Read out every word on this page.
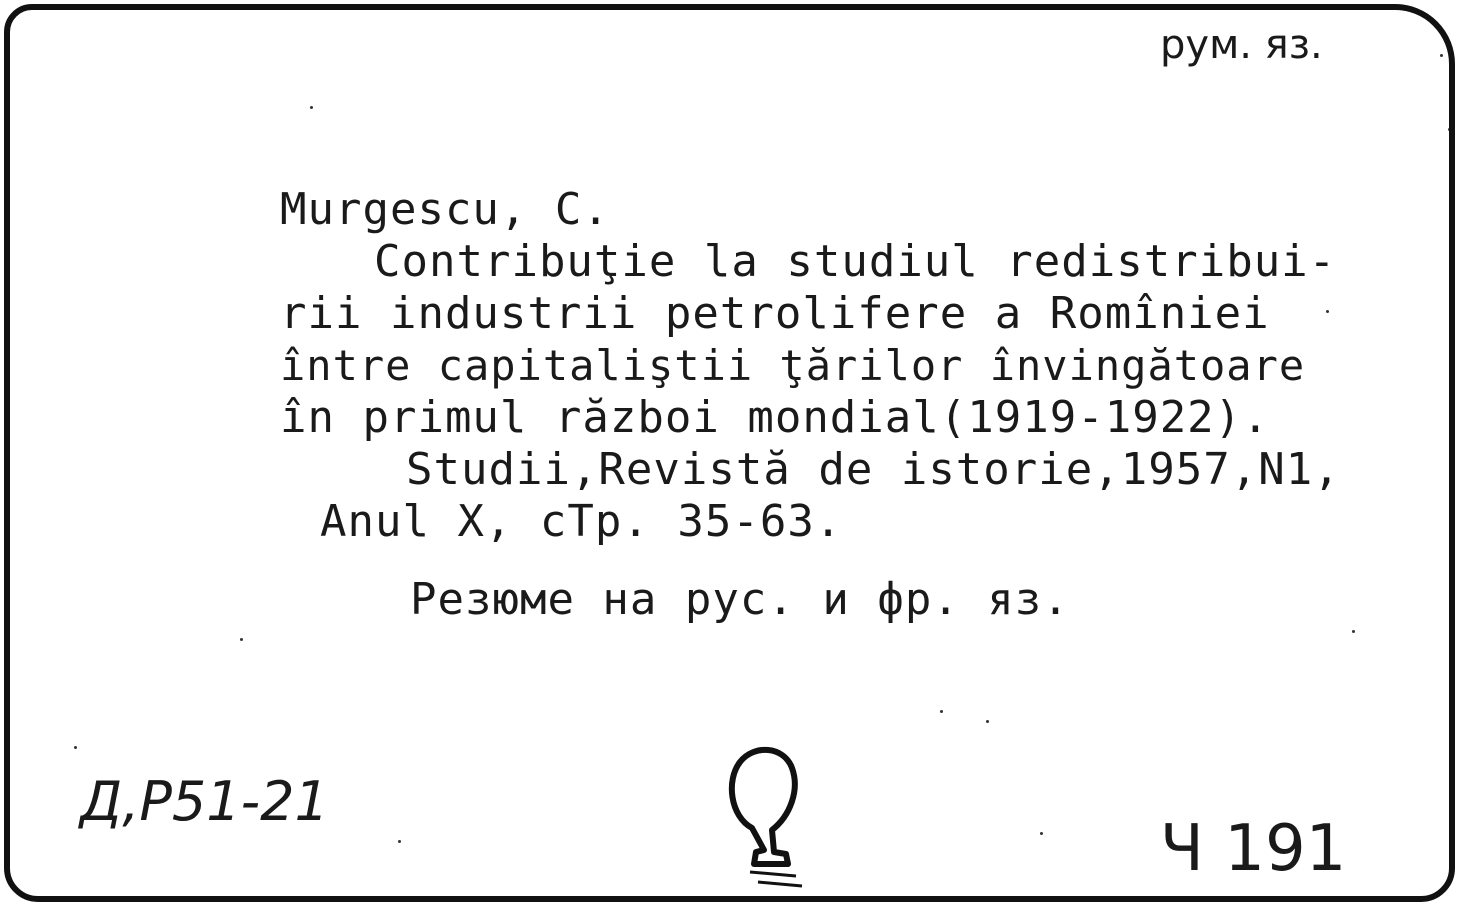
рум. яз.
Murgescu, C.
Contribuţie la studiul redistribui-
rii industrii petrolifere a Romîniei
între capitaliştii ţărilor învingătoare
în primul război mondial(1919-1922).
Studii,Revistă de istorie,1957,N1,
Anul X, cTp. 35-63.
Резюме на рус. и фр. яз.
Д,Р51-21
Ч 191
